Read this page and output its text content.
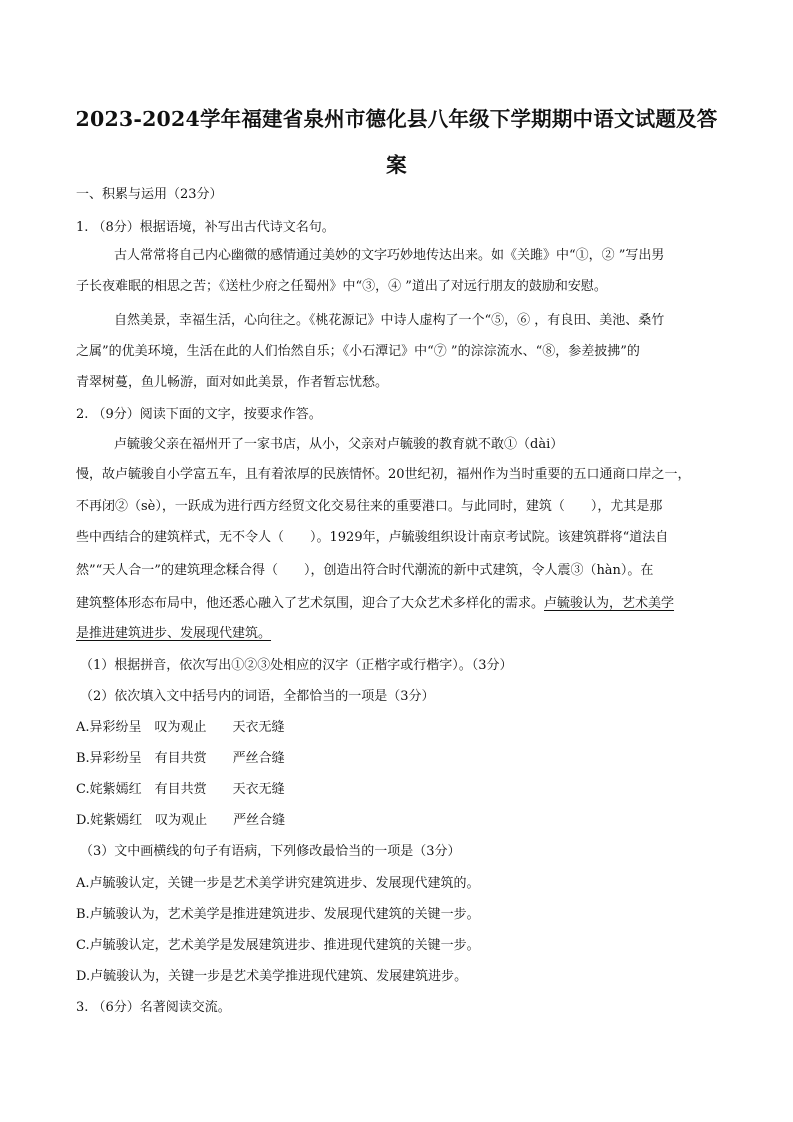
2023-2024学年福建省泉州市德化县八年级下学期期中语文试题及答
案
一、积累与运用（23分）
1. （8分）根据语境，补写出古代诗文名句。
古人常常将自己内心幽微的感情通过美妙的文字巧妙地传达出来。如《关雎》中“①，② ”写出男
子长夜难眠的相思之苦；《送杜少府之任蜀州》中“③，④ ”道出了对远行朋友的鼓励和安慰。
自然美景，幸福生活，心向往之。《桃花源记》中诗人虚构了一个“⑤，⑥ ，有良田、美池、桑竹
之属”的优美环境，生活在此的人们怡然自乐；《小石潭记》中“⑦ ”的淙淙流水、“⑧，参差披拂”的
青翠树蔓，鱼儿畅游，面对如此美景，作者暂忘忧愁。
2. （9分）阅读下面的文字，按要求作答。
卢毓骏父亲在福州开了一家书店，从小，父亲对卢毓骏的教育就不敢①（dài）
慢，故卢毓骏自小学富五车，且有着浓厚的民族情怀。20世纪初，福州作为当时重要的五口通商口岸之一，
不再闭②（sè），一跃成为进行西方经贸文化交易往来的重要港口。与此同时，建筑（　　），尤其是那
些中西结合的建筑样式，无不令人（　　）。1929年，卢毓骏组织设计南京考试院。该建筑群将“道法自
然”“天人合一”的建筑理念糅合得（　　），创造出符合时代潮流的新中式建筑，令人震③（hàn）。在
建筑整体形态布局中，他还悉心融入了艺术氛围，迎合了大众艺术多样化的需求。卢毓骏认为，艺术美学
是推进建筑进步、发展现代建筑。
（1）根据拼音，依次写出①②③处相应的汉字（正楷字或行楷字）。（3分）
（2）依次填入文中括号内的词语，全都恰当的一项是（3分）
A.异彩纷呈　叹为观止　　天衣无缝
B.异彩纷呈　有目共赏　　严丝合缝
C.姹紫嫣红　有目共赏　　天衣无缝
D.姹紫嫣红　叹为观止　　严丝合缝
（3）文中画横线的句子有语病，下列修改最恰当的一项是（3分）
A.卢毓骏认定，关键一步是艺术美学讲究建筑进步、发展现代建筑的。
B.卢毓骏认为，艺术美学是推进建筑进步、发展现代建筑的关键一步。
C.卢毓骏认定，艺术美学是发展建筑进步、推进现代建筑的关键一步。
D.卢毓骏认为，关键一步是艺术美学推进现代建筑、发展建筑进步。
3. （6分）名著阅读交流。
